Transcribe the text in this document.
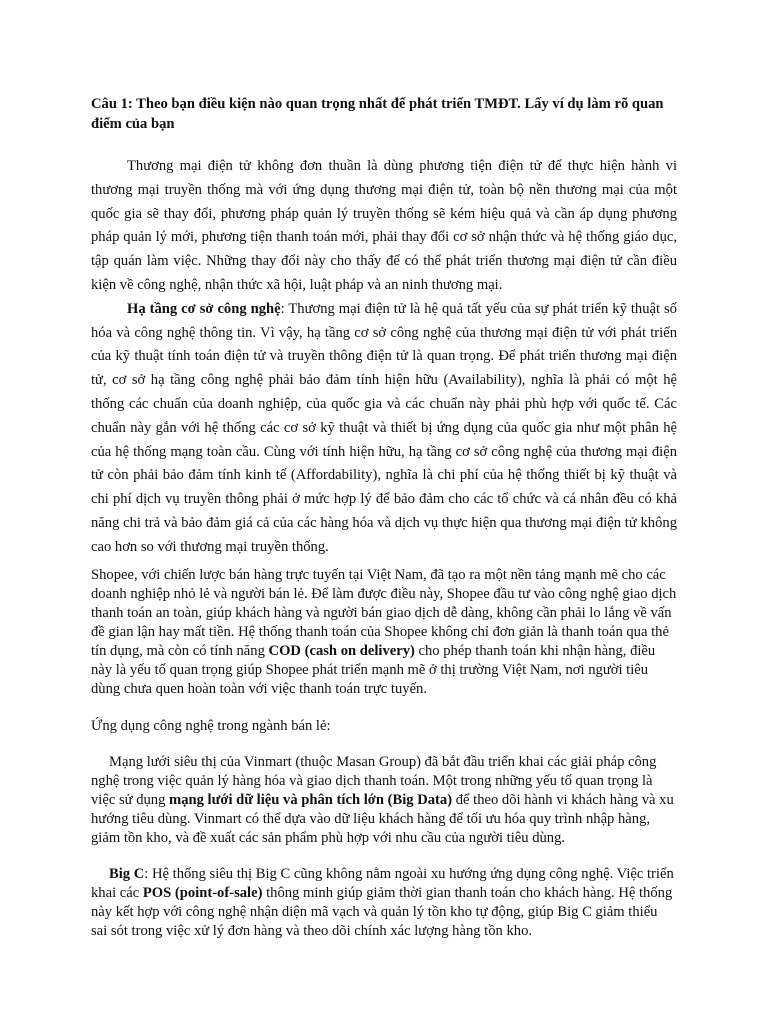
Câu 1: Theo bạn điều kiện nào quan trọng nhất để phát triển TMĐT. Lấy ví dụ làm rõ quan điểm của bạn

Thương mại điện tử không đơn thuần là dùng phương tiện điện tử để thực hiện hành vi thương mại truyền thống mà với ứng dụng thương mại điện tử, toàn bộ nền thương mại của một quốc gia sẽ thay đổi, phương pháp quản lý truyền thống sẽ kém hiệu quả và cần áp dụng phương pháp quản lý mới, phương tiện thanh toán mới, phải thay đổi cơ sở nhận thức và hệ thống giáo dục, tập quán làm việc. Những thay đổi này cho thấy để có thể phát triển thương mại điện tử cần điều kiện về công nghệ, nhận thức xã hội, luật pháp và an ninh thương mại.

Hạ tầng cơ sở công nghệ: Thương mại điện tử là hệ quả tất yếu của sự phát triển kỹ thuật số hóa và công nghệ thông tin. Vì vậy, hạ tầng cơ sở công nghệ của thương mại điện tử với phát triển của kỹ thuật tính toán điện tử và truyền thông điện tử là quan trọng. Để phát triển thương mại điện tử, cơ sở hạ tầng công nghệ phải bảo đảm tính hiện hữu (Availability), nghĩa là phải có một hệ thống các chuẩn của doanh nghiệp, của quốc gia và các chuẩn này phải phù hợp với quốc tế. Các chuẩn này gắn với hệ thống các cơ sở kỹ thuật và thiết bị ứng dụng của quốc gia như một phân hệ của hệ thống mạng toàn cầu. Cùng với tính hiện hữu, hạ tầng cơ sở công nghệ của thương mại điện tử còn phải bảo đảm tính kinh tế (Affordability), nghĩa là chi phí của hệ thống thiết bị kỹ thuật và chi phí dịch vụ truyền thông phải ở mức hợp lý để bảo đảm cho các tổ chức và cá nhân đều có khả năng chi trả và bảo đảm giá cả của các hàng hóa và dịch vụ thực hiện qua thương mại điện tử không cao hơn so với thương mại truyền thống.

Shopee, với chiến lược bán hàng trực tuyến tại Việt Nam, đã tạo ra một nền tảng mạnh mẽ cho các doanh nghiệp nhỏ lẻ và người bán lẻ. Để làm được điều này, Shopee đầu tư vào công nghệ giao dịch thanh toán an toàn, giúp khách hàng và người bán giao dịch dễ dàng, không cần phải lo lắng về vấn đề gian lận hay mất tiền. Hệ thống thanh toán của Shopee không chỉ đơn giản là thanh toán qua thẻ tín dụng, mà còn có tính năng COD (cash on delivery) cho phép thanh toán khi nhận hàng, điều này là yếu tố quan trọng giúp Shopee phát triển mạnh mẽ ở thị trường Việt Nam, nơi người tiêu dùng chưa quen hoàn toàn với việc thanh toán trực tuyến.

Ứng dụng công nghệ trong ngành bán lẻ:

Mạng lưới siêu thị của Vinmart (thuộc Masan Group) đã bắt đầu triển khai các giải pháp công nghệ trong việc quản lý hàng hóa và giao dịch thanh toán. Một trong những yếu tố quan trọng là việc sử dụng mạng lưới dữ liệu và phân tích lớn (Big Data) để theo dõi hành vi khách hàng và xu hướng tiêu dùng. Vinmart có thể dựa vào dữ liệu khách hàng để tối ưu hóa quy trình nhập hàng, giảm tồn kho, và đề xuất các sản phẩm phù hợp với nhu cầu của người tiêu dùng.

Big C: Hệ thống siêu thị Big C cũng không nằm ngoài xu hướng ứng dụng công nghệ. Việc triển khai các POS (point-of-sale) thông minh giúp giảm thời gian thanh toán cho khách hàng. Hệ thống này kết hợp với công nghệ nhận diện mã vạch và quản lý tồn kho tự động, giúp Big C giảm thiểu sai sót trong việc xử lý đơn hàng và theo dõi chính xác lượng hàng tồn kho.
